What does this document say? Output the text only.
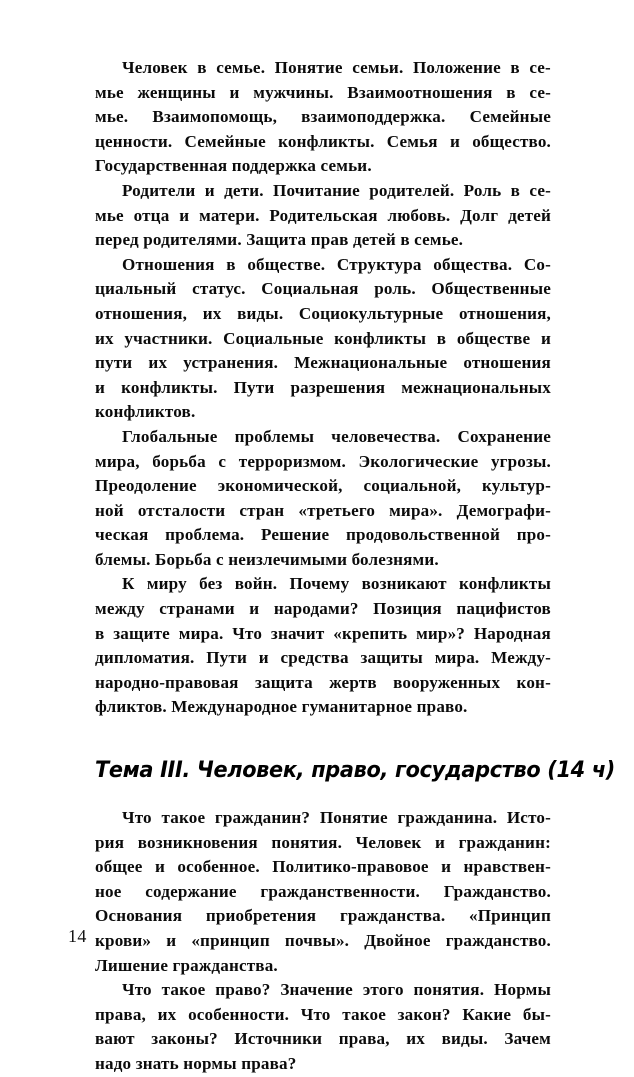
Человек в семье. Понятие семьи. Положение в се-
мье женщины и мужчины. Взаимоотношения в се-
мье. Взаимопомощь, взаимоподдержка. Семейные
ценности. Семейные конфликты. Семья и общество.
Государственная поддержка семьи.
Родители и дети. Почитание родителей. Роль в се-
мье отца и матери. Родительская любовь. Долг детей
перед родителями. Защита прав детей в семье.
Отношения в обществе. Структура общества. Со-
циальный статус. Социальная роль. Общественные
отношения, их виды. Социокультурные отношения,
их участники. Социальные конфликты в обществе и
пути их устранения. Межнациональные отношения
и конфликты. Пути разрешения межнациональных
конфликтов.
Глобальные проблемы человечества. Сохранение
мира, борьба с терроризмом. Экологические угрозы.
Преодоление экономической, социальной, культур-
ной отсталости стран «третьего мира». Демографи-
ческая проблема. Решение продовольственной про-
блемы. Борьба с неизлечимыми болезнями.
К миру без войн. Почему возникают конфликты
между странами и народами? Позиция пацифистов
в защите мира. Что значит «крепить мир»? Народная
дипломатия. Пути и средства защиты мира. Между-
народно-правовая защита жертв вооруженных кон-
фликтов. Международное гуманитарное право.
Тема III. Человек, право, государство (14 ч)
Что такое гражданин? Понятие гражданина. Исто-
рия возникновения понятия. Человек и гражданин:
общее и особенное. Политико-правовое и нравствен-
ное содержание гражданственности. Гражданство.
Основания приобретения гражданства. «Принцип
крови» и «принцип почвы». Двойное гражданство.
Лишение гражданства.
Что такое право? Значение этого понятия. Нормы
права, их особенности. Что такое закон? Какие бы-
вают законы? Источники права, их виды. Зачем
надо знать нормы права?
14
